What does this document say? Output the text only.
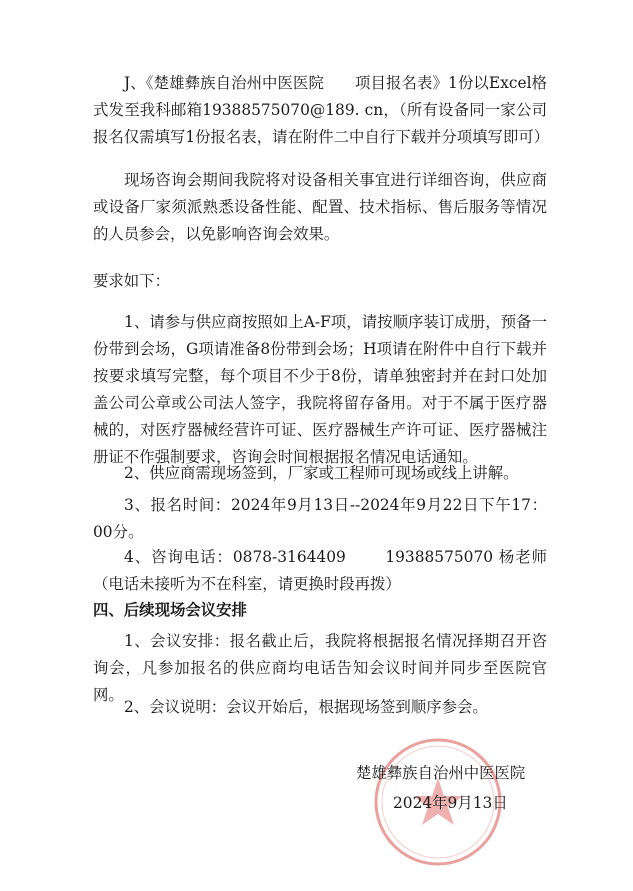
J、《楚雄彝族自治州中医医院　　项目报名表》1份以Excel格式发至我科邮箱19388575070@189. cn，（所有设备同一家公司报名仅需填写1份报名表，请在附件二中自行下载并分项填写即可）

现场咨询会期间我院将对设备相关事宜进行详细咨询，供应商或设备厂家须派熟悉设备性能、配置、技术指标、售后服务等情况的人员参会，以免影响咨询会效果。

要求如下：

1、请参与供应商按照如上A-F项，请按顺序装订成册，预备一份带到会场，G项请准备8份带到会场；H项请在附件中自行下载并按要求填写完整，每个项目不少于8份，请单独密封并在封口处加盖公司公章或公司法人签字，我院将留存备用。对于不属于医疗器械的，对医疗器械经营许可证、医疗器械生产许可证、医疗器械注册证不作强制要求，咨询会时间根据报名情况电话通知。

2、供应商需现场签到，厂家或工程师可现场或线上讲解。

3、报名时间：2024年9月13日--2024年9月22日下午17：00分。

4、咨询电话：0878-3164409　　 19388575070 杨老师（电话未接听为不在科室，请更换时段再拨）

四、后续现场会议安排

1、会议安排：报名截止后，我院将根据报名情况择期召开咨询会，凡参加报名的供应商均电话告知会议时间并同步至医院官网。

2、会议说明：会议开始后，根据现场签到顺序参会。

楚雄彝族自治州中医医院
2024年9月13日
